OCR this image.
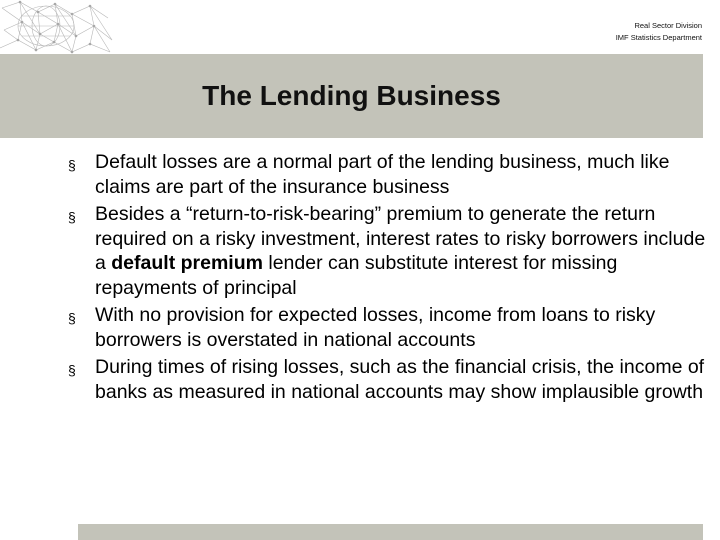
Real Sector Division
IMF Statistics Department
The Lending Business
§ Default losses are a normal part of the lending business, much like claims are part of the insurance business
§ Besides a “return-to-risk-bearing” premium to generate the return required on a risky investment, interest rates to risky borrowers include a default premium lender can substitute interest for missing repayments of principal
§ With no provision for expected losses, income from loans to risky borrowers is overstated in national accounts
§ During times of rising losses, such as the financial crisis, the income of banks as measured in national accounts may show implausible growth
